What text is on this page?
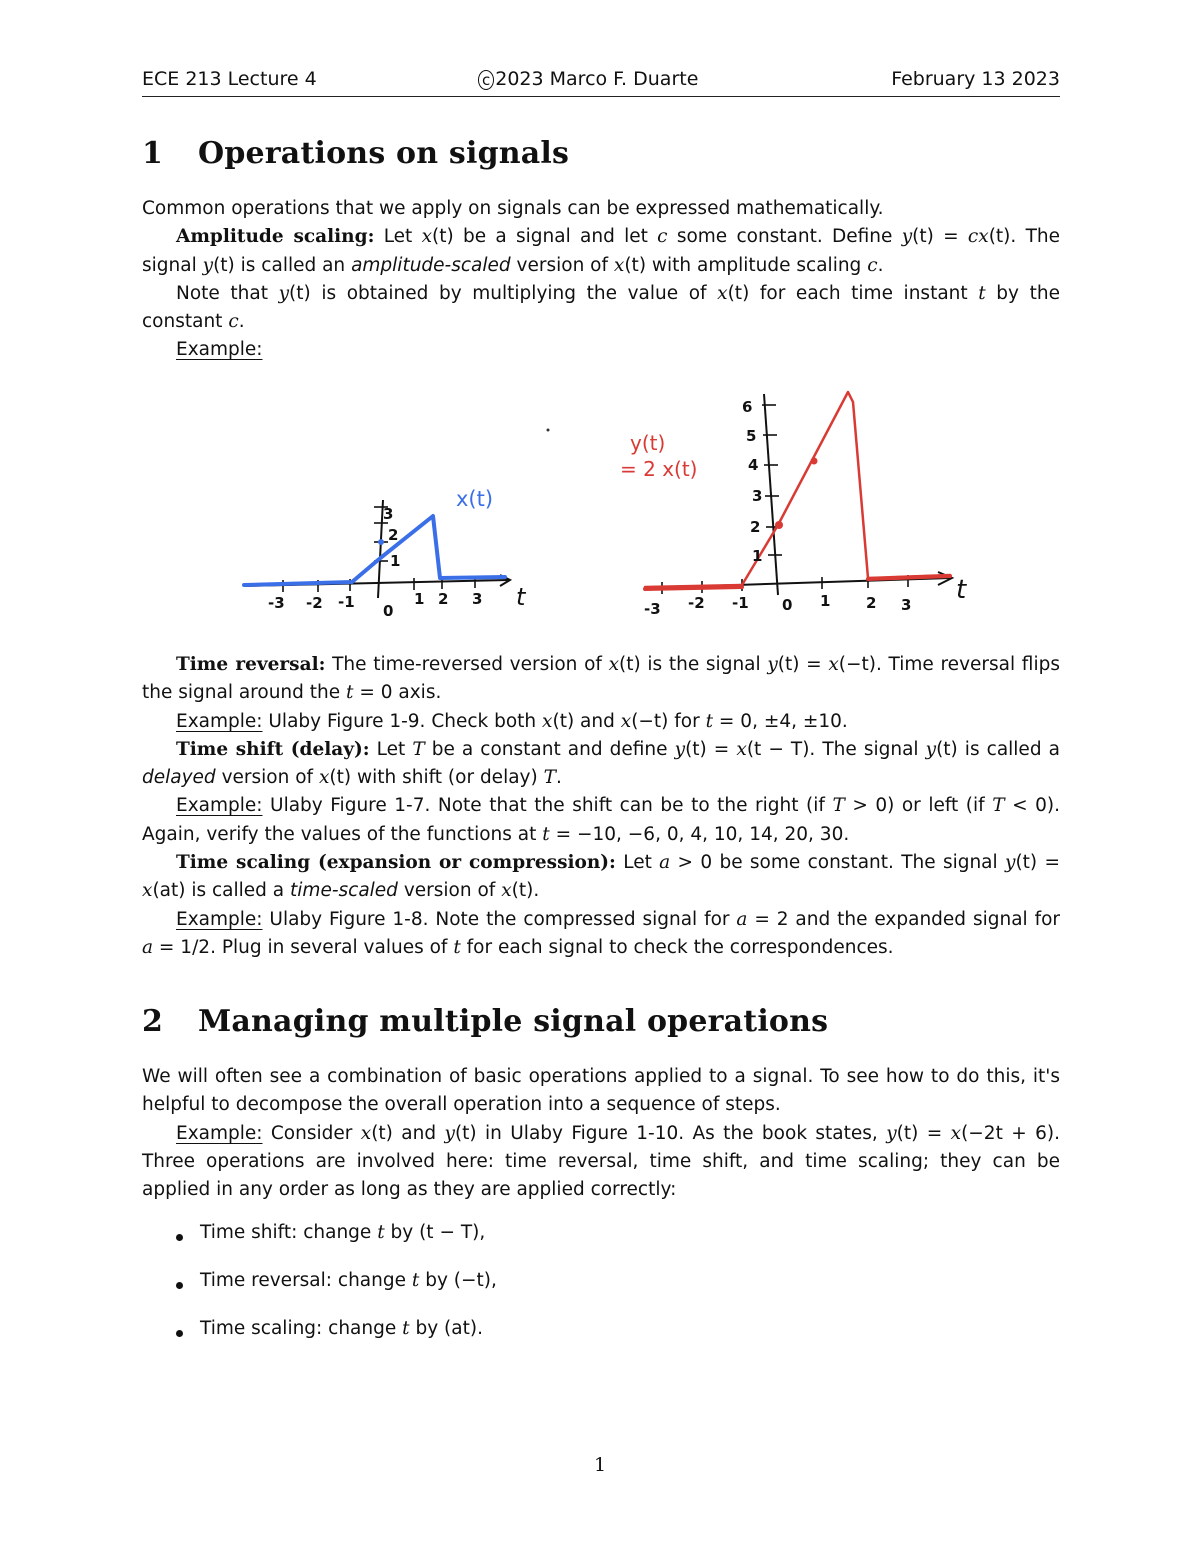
ECE 213 Lecture 4	c 2023 Marco F. Duarte	February 13 2023
1 Operations on signals

Common operations that we apply on signals can be expressed mathematically.

Amplitude scaling: Let x(t) be a signal and let c some constant. Define y(t) = cx(t). The signal y(t) is called an amplitude-scaled version of x(t) with amplitude scaling c.

Note that y(t) is obtained by multiplying the value of x(t) for each time instant t by the constant c.

Example:

-3 -2 -1 0
1 2 3
1
2
3
t
x(t)
-3 -2 -1 0 1 2 3
1
2
3
4
5
6
t
y(t)
= 2 x(t)

Time reversal: The time-reversed version of x(t) is the signal y(t) = x(−t). Time reversal flips the signal around the t = 0 axis.

Example: Ulaby Figure 1-9. Check both x(t) and x(−t) for t = 0, ±4, ±10.

Time shift (delay): Let T be a constant and define y(t) = x(t − T). The signal y(t) is called a delayed version of x(t) with shift (or delay) T.

Example: Ulaby Figure 1-7. Note that the shift can be to the right (if T > 0) or left (if T < 0). Again, verify the values of the functions at t = −10, −6, 0, 4, 10, 14, 20, 30.

Time scaling (expansion or compression): Let a > 0 be some constant. The signal y(t) = x(at) is called a time-scaled version of x(t).

Example: Ulaby Figure 1-8. Note the compressed signal for a = 2 and the expanded signal for a = 1/2. Plug in several values of t for each signal to check the correspondences.

2 Managing multiple signal operations

We will often see a combination of basic operations applied to a signal. To see how to do this, it's helpful to decompose the overall operation into a sequence of steps.

Example: Consider x(t) and y(t) in Ulaby Figure 1-10. As the book states, y(t) = x(−2t + 6). Three operations are involved here: time reversal, time shift, and time scaling; they can be applied in any order as long as they are applied correctly:

Time shift: change t by (t − T),
Time reversal: change t by (−t),
Time scaling: change t by (at).
1
